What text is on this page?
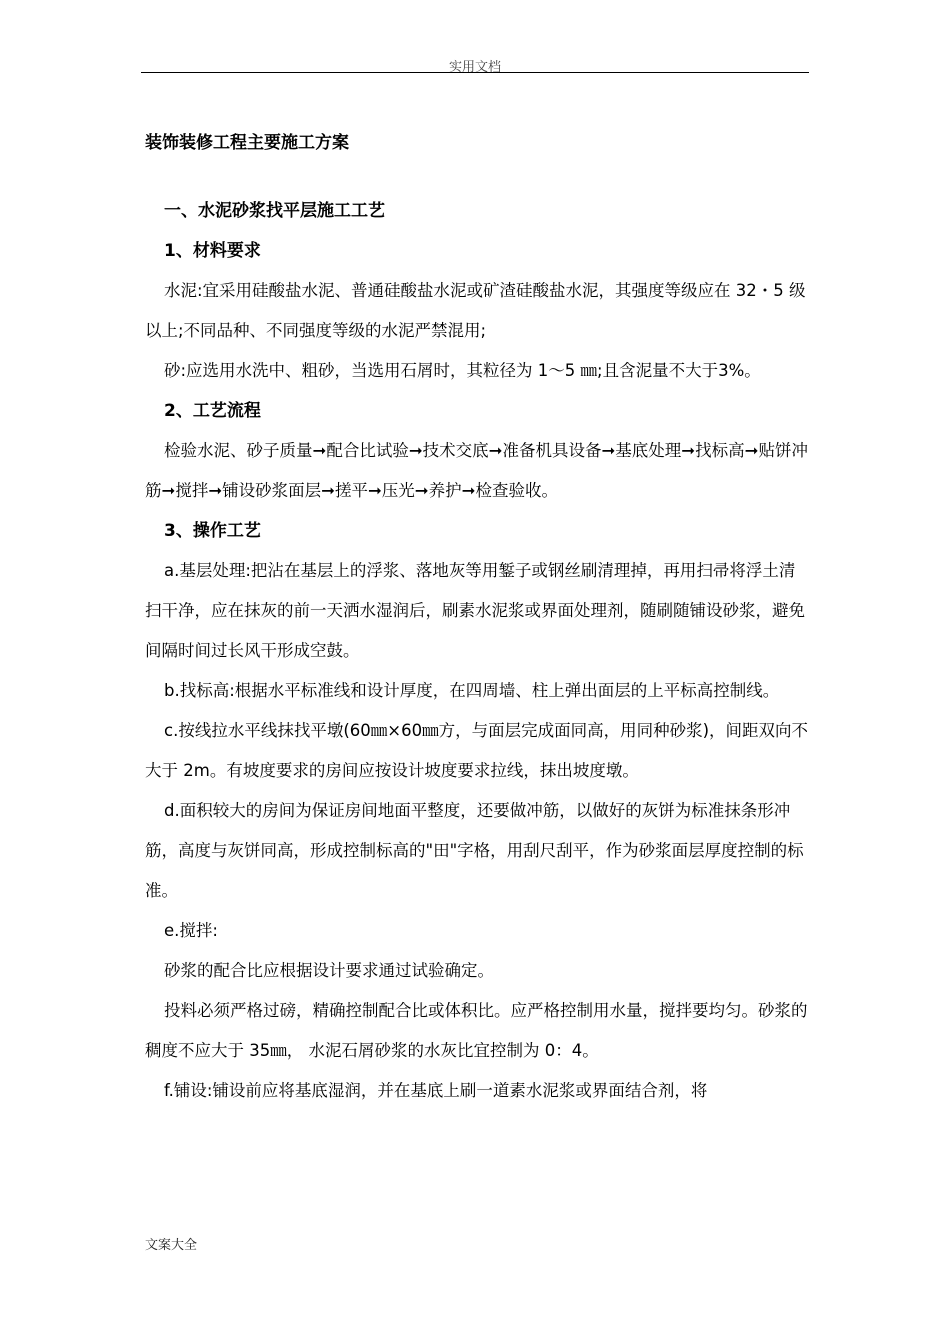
实用文档
装饰装修工程主要施工方案

一、水泥砂浆找平层施工工艺

1、材料要求

水泥:宜采用硅酸盐水泥、普通硅酸盐水泥或矿渣硅酸盐水泥，其强度等级应在 32・5 级以上;不同品种、不同强度等级的水泥严禁混用;

砂:应选用水洗中、粗砂，当选用石屑时，其粒径为 1～5 ㎜;且含泥量不大于3%。

2、工艺流程

检验水泥、砂子质量➞配合比试验➞技术交底➞准备机具设备➞基底处理➞找标高➞贴饼冲筋➞搅拌➞铺设砂浆面层➞搓平➞压光➞养护➞检查验收。

3、操作工艺

a.基层处理:把沾在基层上的浮浆、落地灰等用錾子或钢丝刷清理掉，再用扫帚将浮土清扫干净，应在抹灰的前一天洒水湿润后，刷素水泥浆或界面处理剂，随刷随铺设砂浆，避免间隔时间过长风干形成空鼓。

b.找标高:根据水平标准线和设计厚度，在四周墙、柱上弹出面层的上平标高控制线。

c.按线拉水平线抹找平墩(60㎜×60㎜方，与面层完成面同高，用同种砂浆)，间距双向不大于 2m。有坡度要求的房间应按设计坡度要求拉线，抹出坡度墩。

d.面积较大的房间为保证房间地面平整度，还要做冲筋，以做好的灰饼为标准抹条形冲筋，高度与灰饼同高，形成控制标高的"田"字格，用刮尺刮平，作为砂浆面层厚度控制的标准。

e.搅拌:

砂浆的配合比应根据设计要求通过试验确定。

投料必须严格过磅，精确控制配合比或体积比。应严格控制用水量，搅拌要均匀。砂浆的稠度不应大于 35㎜， 水泥石屑砂浆的水灰比宜控制为 0：4。

f.铺设:铺设前应将基底湿润，并在基底上刷一道素水泥浆或界面结合剂，将

文案大全
